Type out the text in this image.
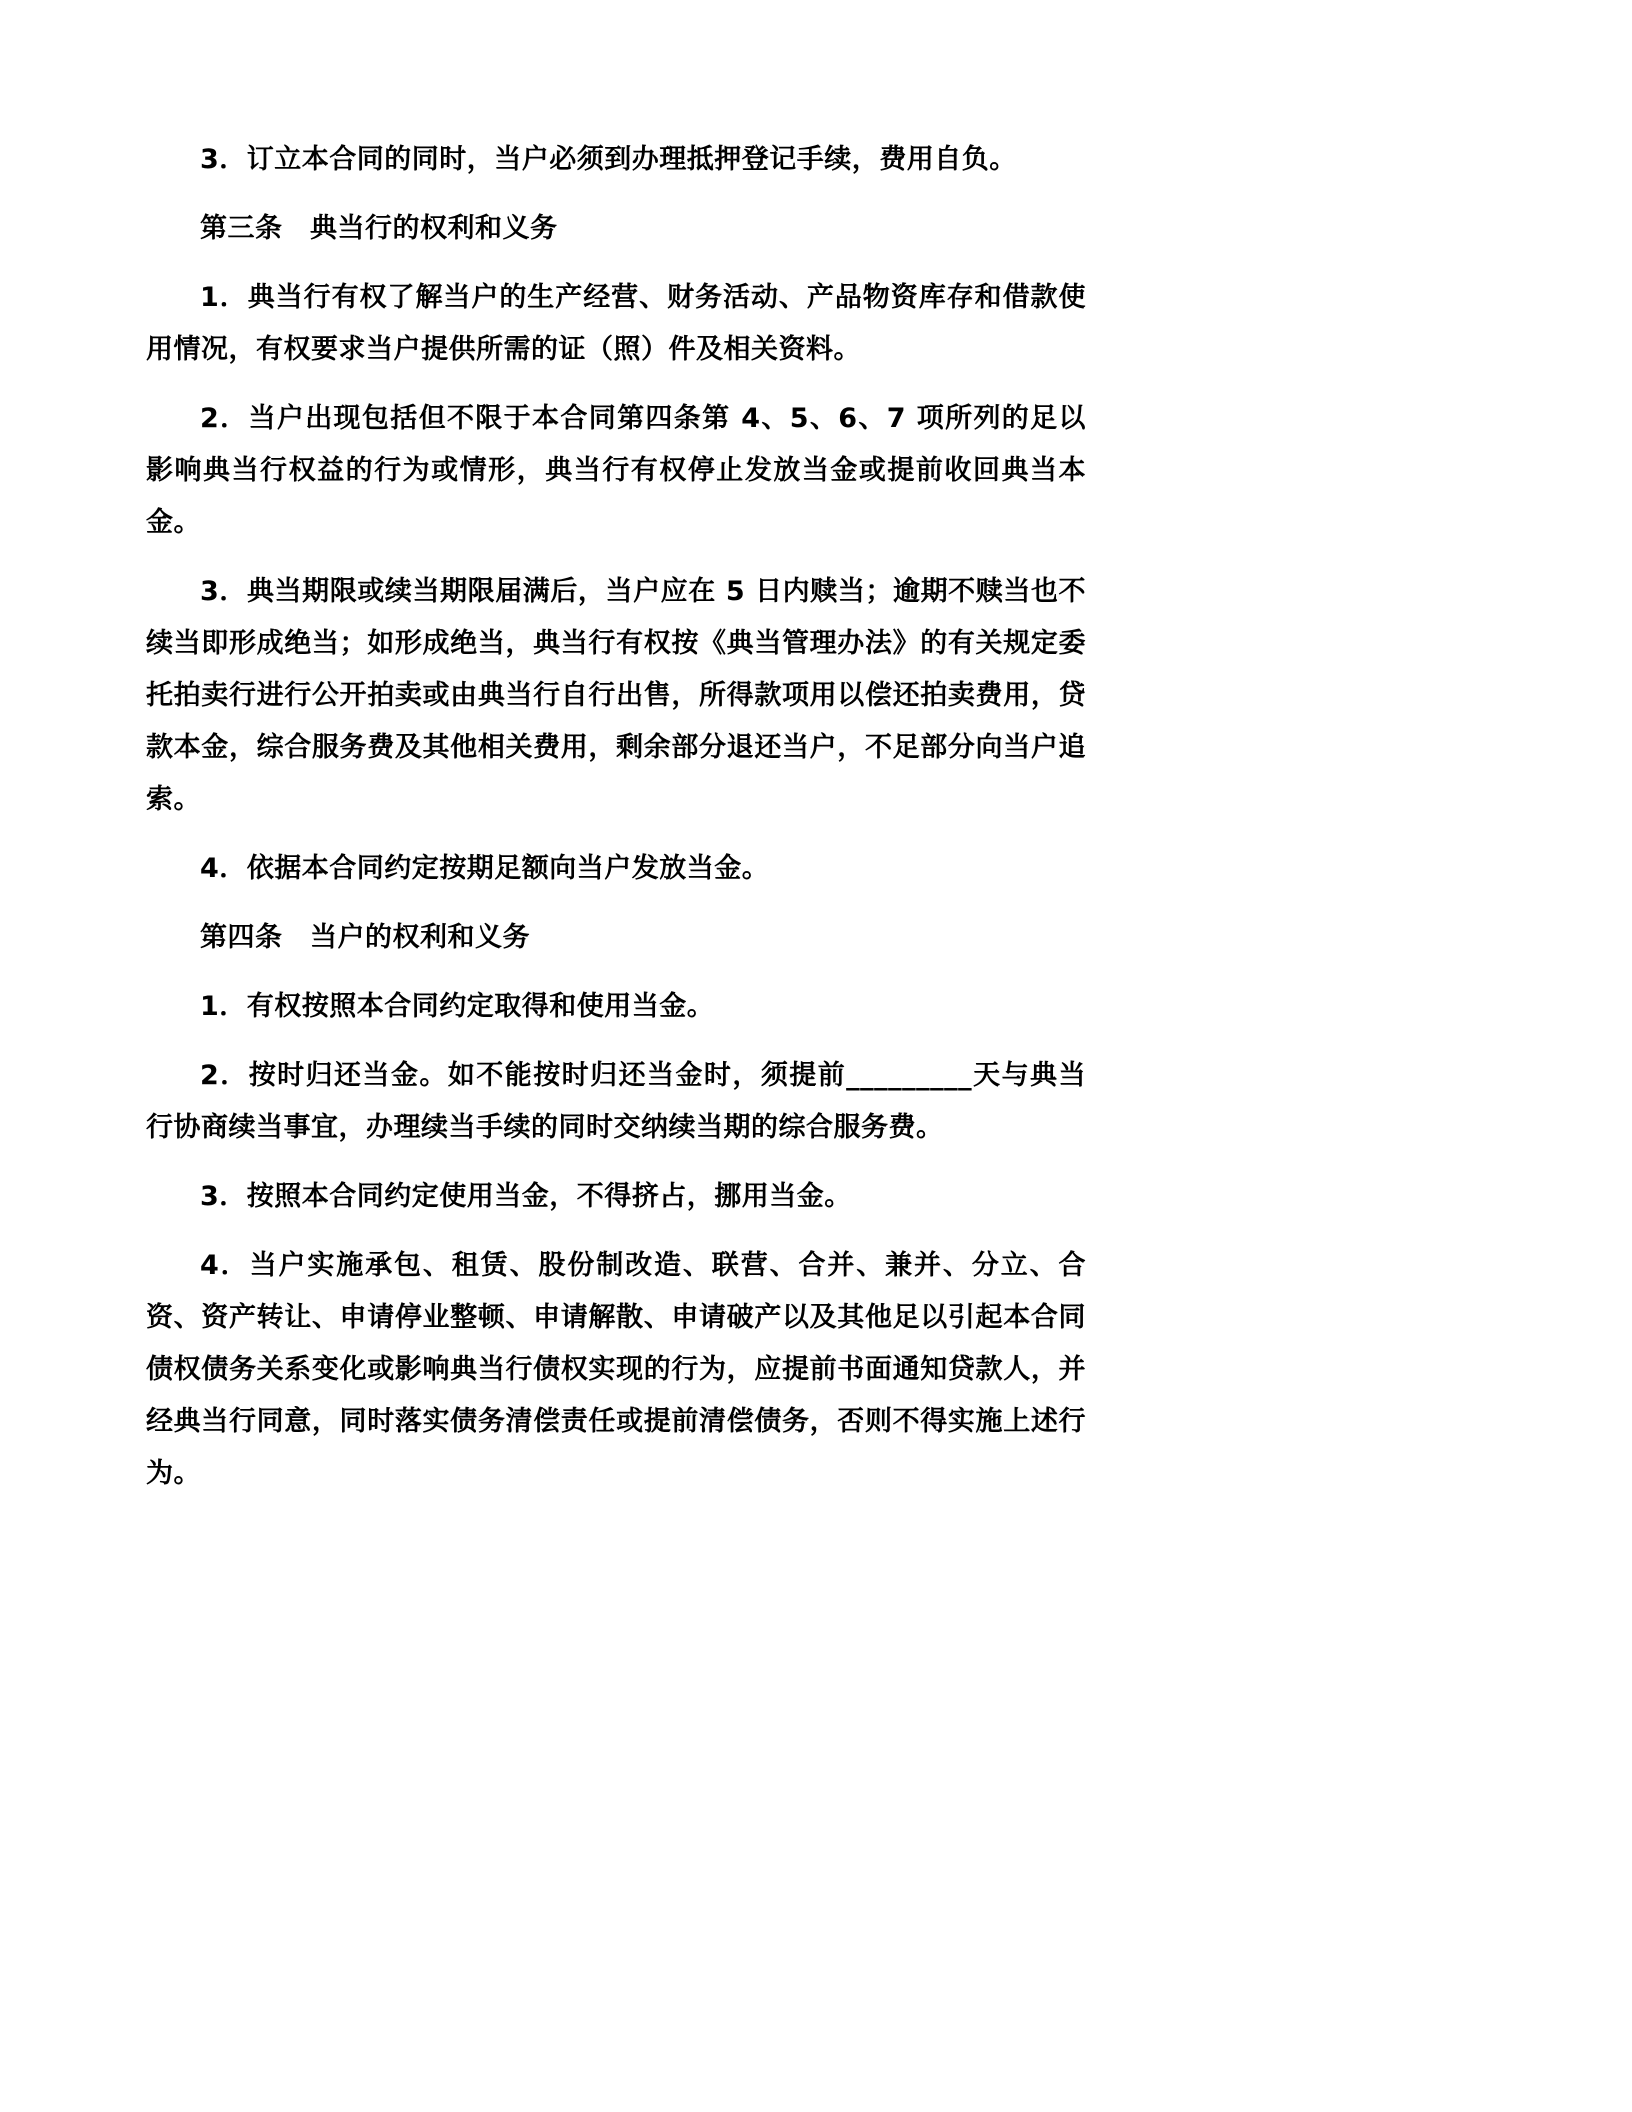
3．订立本合同的同时，当户必须到办理抵押登记手续，费用自负。
第三条　典当行的权利和义务
1．典当行有权了解当户的生产经营、财务活动、产品物资库存和借款使用情况，有权要求当户提供所需的证（照）件及相关资料。
2．当户出现包括但不限于本合同第四条第 4、5、6、7 项所列的足以影响典当行权益的行为或情形，典当行有权停止发放当金或提前收回典当本金。
3．典当期限或续当期限届满后，当户应在 5 日内赎当；逾期不赎当也不续当即形成绝当；如形成绝当，典当行有权按《典当管理办法》的有关规定委托拍卖行进行公开拍卖或由典当行自行出售，所得款项用以偿还拍卖费用，贷款本金，综合服务费及其他相关费用，剩余部分退还当户，不足部分向当户追索。
4．依据本合同约定按期足额向当户发放当金。
第四条　当户的权利和义务
1．有权按照本合同约定取得和使用当金。
2．按时归还当金。如不能按时归还当金时，须提前_________天与典当行协商续当事宜，办理续当手续的同时交纳续当期的综合服务费。
3．按照本合同约定使用当金，不得挤占，挪用当金。
4．当户实施承包、租赁、股份制改造、联营、合并、兼并、分立、合资、资产转让、申请停业整顿、申请解散、申请破产以及其他足以引起本合同债权债务关系变化或影响典当行债权实现的行为，应提前书面通知贷款人，并经典当行同意，同时落实债务清偿责任或提前清偿债务，否则不得实施上述行为。
